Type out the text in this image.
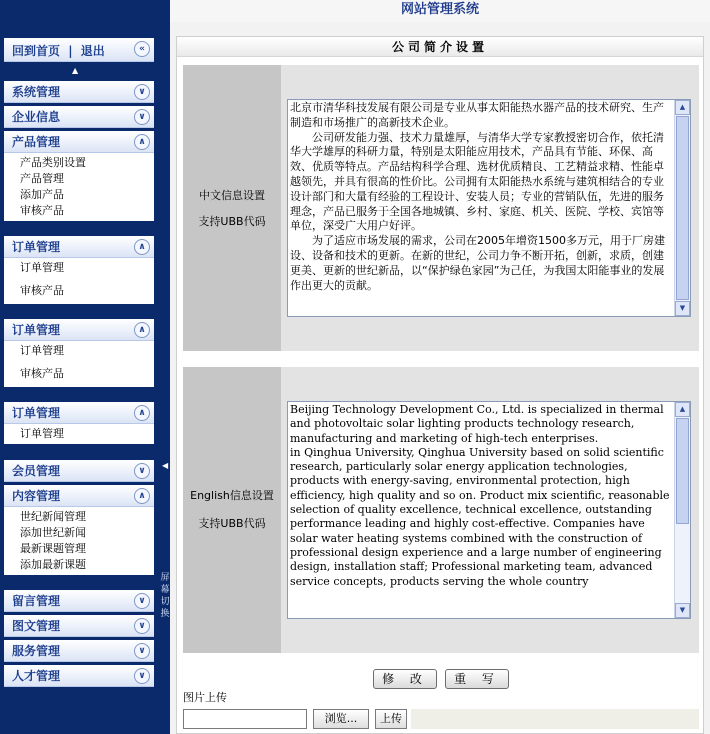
回到首页 | 退出	«
▲
系统管理	∨
企业信息	∨
产品管理	∧
产品类别设置
产品管理
添加产品
审核产品
订单管理	∧
订单管理
审核产品
订单管理	∧
订单管理
审核产品
订单管理	∧
订单管理
会员管理	∨
内容管理	∧
世纪新闻管理
添加世纪新闻
最新课题管理
添加最新课题
留言管理	∨
图文管理	∨
服务管理	∨
人才管理	∨
◀
屏幕切换
网站管理系统
公司简介设置
中文信息设置
支持UBB代码

北京市清华科技发展有限公司是专业从事太阳能热水器产品的技术研究、生产制造和市场推广的高新技术企业。

　　公司研发能力强、技术力量雄厚，与清华大学专家教授密切合作，依托清华大学雄厚的科研力量，特别是太阳能应用技术，产品具有节能、环保、高效、优质等特点。产品结构科学合理、选材优质精良、工艺精益求精、性能卓越领先，并具有很高的性价比。公司拥有太阳能热水系统与建筑相结合的专业设计部门和大量有经验的工程设计、安装人员；专业的营销队伍，先进的服务理念，产品已服务于全国各地城镇、乡村、家庭、机关、医院、学校、宾馆等单位，深受广大用户好评。

　　为了适应市场发展的需求，公司在2005年增资1500多万元，用于厂房建设、设备和技术的更新。在新的世纪，公司力争不断开拓，创新，求质，创建更美、更新的世纪新品，以“保护绿色家园”为己任，为我国太阳能事业的发展作出更大的贡献。

▲
▼
English信息设置
支持UBB代码

Beijing Technology Development Co., Ltd. is specialized in thermal and photovoltaic solar lighting products technology research, manufacturing and marketing of high-tech enterprises.

in Qinghua University, Qinghua University based on solid scientific research, particularly solar energy application technologies, products with energy-saving, environmental protection, high efficiency, high quality and so on. Product mix scientific, reasonable selection of quality excellence, technical excellence, outstanding performance leading and highly cost-effective. Companies have solar water heating systems combined with the construction of professional design experience and a large number of engineering design, installation staff; Professional marketing team, advanced service concepts, products serving the whole country

▲
▼
修 改	重 写
图片上传
浏览...	上传
